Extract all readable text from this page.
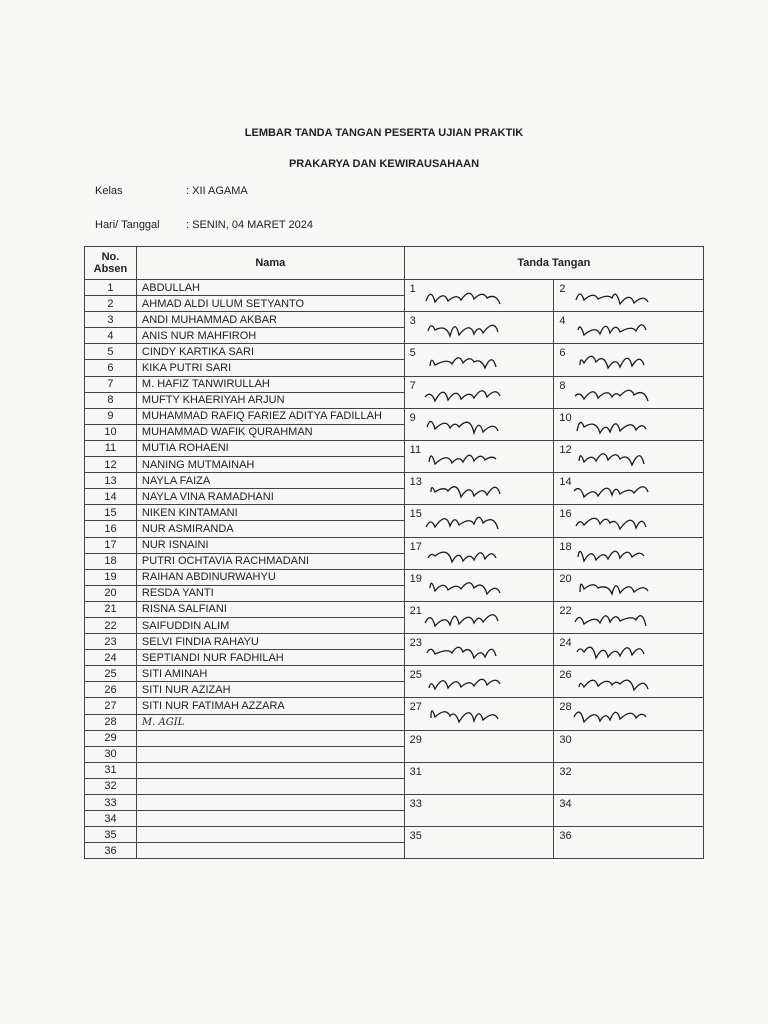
LEMBAR TANDA TANGAN PESERTA UJIAN PRAKTIK
PRAKARYA DAN KEWIRAUSAHAAN
Kelas	: XII AGAMA
Hari/ Tanggal : SENIN, 04 MARET 2024
No. Absen	Nama	Tanda Tangan	
1	ABDULLAH	1	2

2	AHMAD ALDI ULUM SETYANTO		
3	ANDI MUHAMMAD AKBAR	3	4

4	ANIS NUR MAHFIROH		
5	CINDY KARTIKA SARI	5	6

6	KIKA PUTRI SARI		
7	M. HAFIZ TANWIRULLAH	7	8

8	MUFTY KHAERIYAH ARJUN		
9	MUHAMMAD RAFIQ FARIEZ ADITYA FADILLAH	9	10

10	MUHAMMAD WAFIK QURAHMAN		
11	MUTIA ROHAENI	11	12

12	NANING MUTMAINAH		
13	NAYLA FAIZA	13	14

14	NAYLA VINA RAMADHANI		
15	NIKEN KINTAMANI	15	16

16	NUR ASMIRANDA		
17	NUR ISNAINI	17	18

18	PUTRI OCHTAVIA RACHMADANI		
19	RAIHAN ABDINURWAHYU	19	20

20	RESDA YANTI		
21	RISNA SALFIANI	21	22

22	SAIFUDDIN ALIM		
23	SELVI FINDIA RAHAYU	23	24

24	SEPTIANDI NUR FADHILAH		
25	SITI AMINAH	25	26

26	SITI NUR AZIZAH		
27	SITI NUR FATIMAH AZZARA	27	28

28	M. AGIL		
29		29	30

30			
31		31	32

32			
33		33	34

34			
35		35	36

36			
